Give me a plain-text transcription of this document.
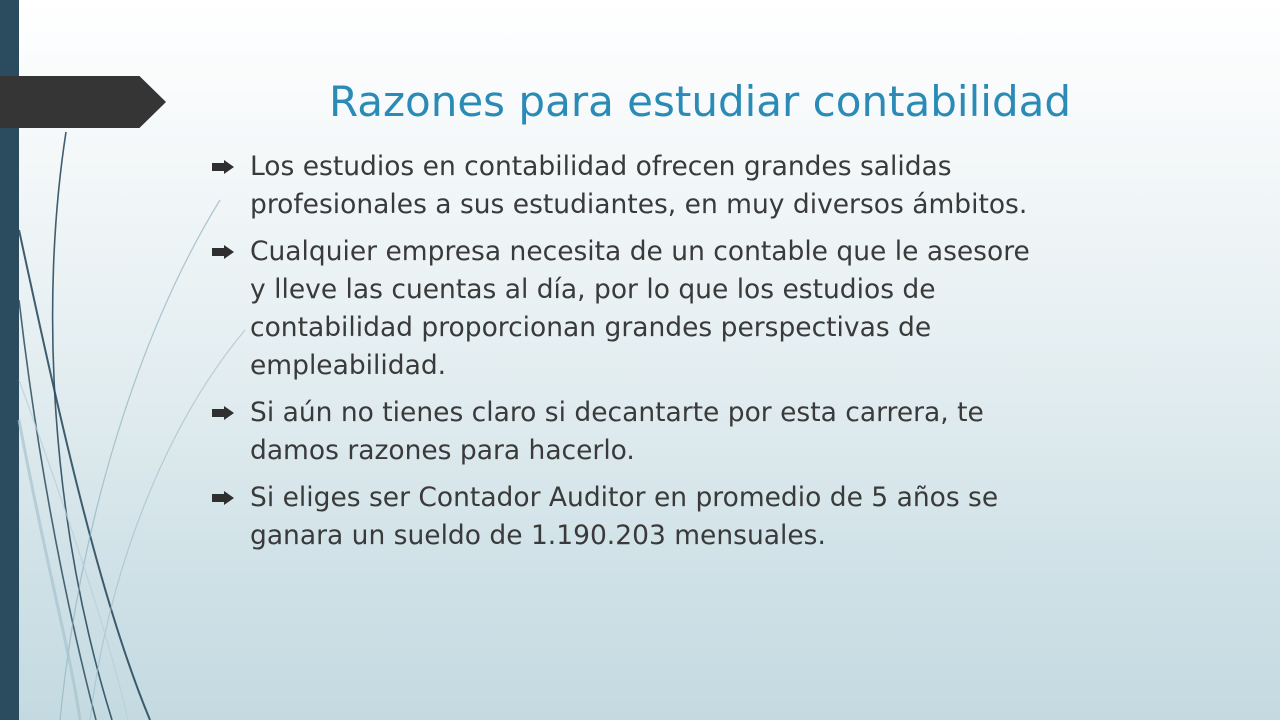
Razones para estudiar contabilidad
Los estudios en contabilidad ofrecen grandes salidas
profesionales a sus estudiantes, en muy diversos ámbitos.
Cualquier empresa necesita de un contable que le asesore
y lleve las cuentas al día, por lo que los estudios de
contabilidad proporcionan grandes perspectivas de
empleabilidad.
Si aún no tienes claro si decantarte por esta carrera, te
damos razones para hacerlo.
Si eliges ser Contador Auditor en promedio de 5 años se
ganara un sueldo de 1.190.203 mensuales.
